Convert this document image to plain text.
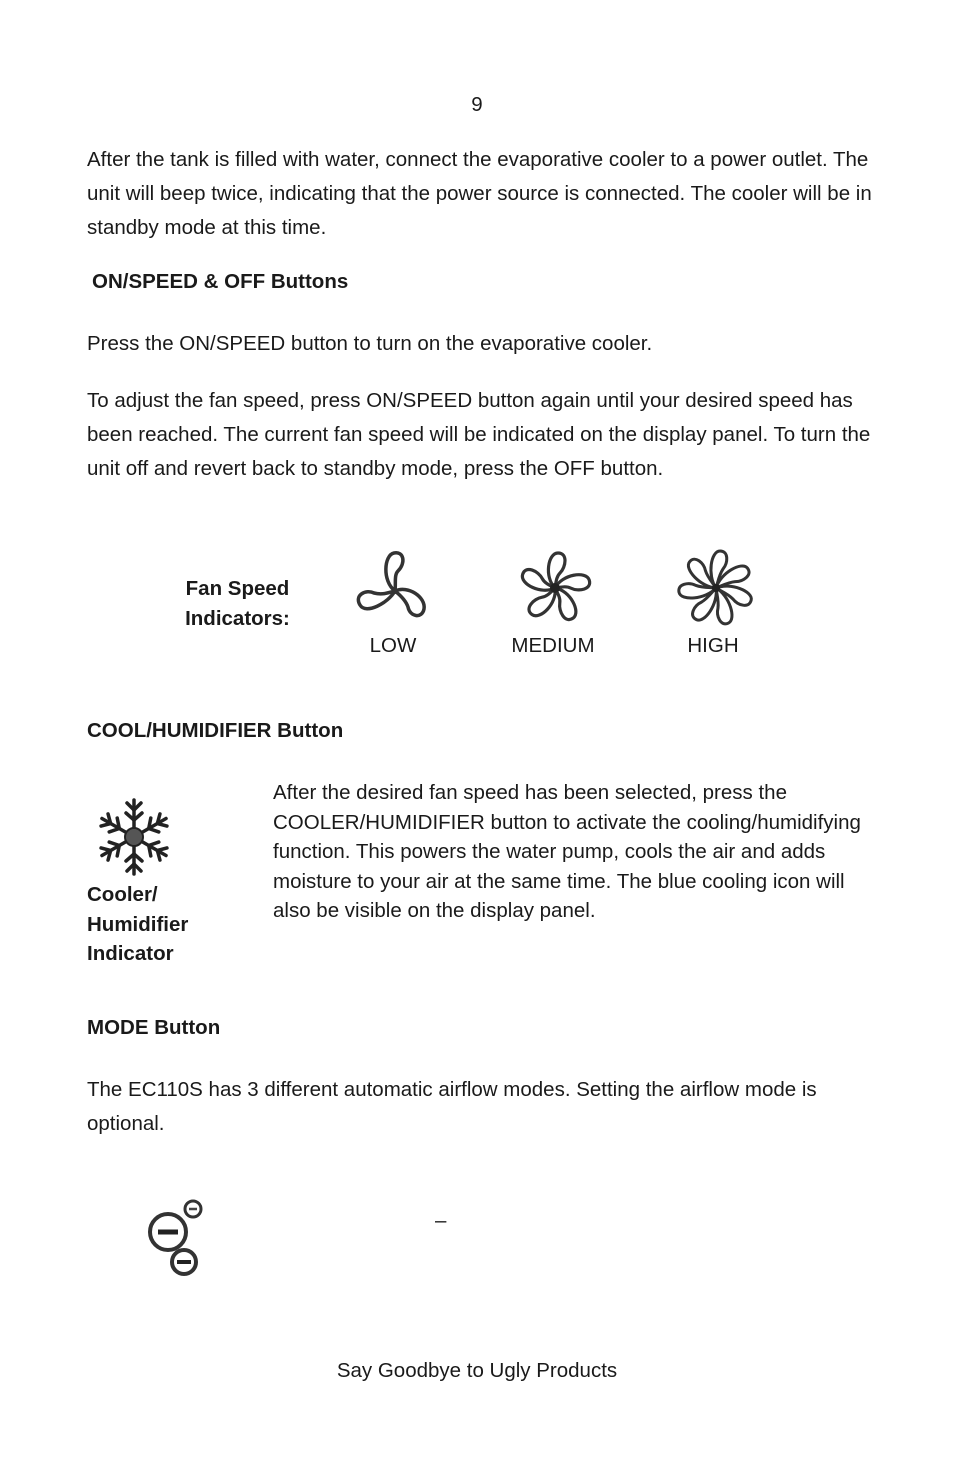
9

After the tank is filled with water, connect the evaporative cooler to a power outlet. The unit will beep twice, indicating that the power source is connected. The cooler will be in standby mode at this time.

ON/SPEED & OFF Buttons

Press the ON/SPEED button to turn on the evaporative cooler.

To adjust the fan speed, press ON/SPEED button again until your desired speed has been reached. The current fan speed will be indicated on the display panel. To turn the unit off and revert back to standby mode, press the OFF button.

Fan Speed
Indicators:
LOW	MEDIUM	HIGH
COOL/HUMIDIFIER Button
Cooler/
Humidifier
Indicator

After the desired fan speed has been selected, press the COOLER/HUMIDIFIER button to activate the cooling/humidifying function. This powers the water pump, cools the air and adds moisture to your air at the same time. The blue cooling icon will also be visible on the display panel.

MODE Button

The EC110S has 3 different automatic airflow modes. Setting the airflow mode is optional.

–
Say Goodbye to Ugly Products
